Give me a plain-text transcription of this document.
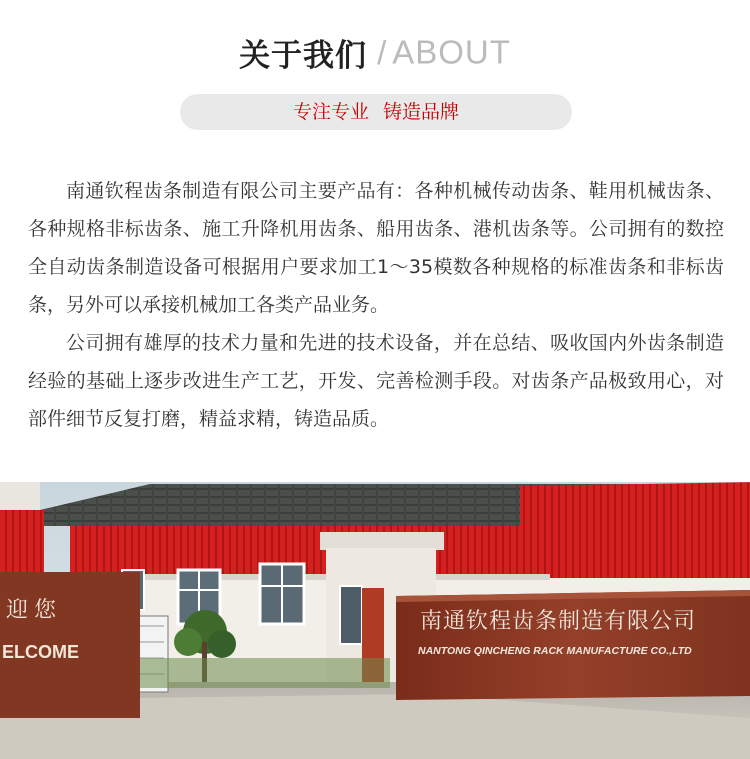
关于我们 / ABOUT
专注专业 铸造品牌

南通钦程齿条制造有限公司主要产品有：各种机械传动齿条、鞋用机械齿条、各种规格非标齿条、施工升降机用齿条、船用齿条、港机齿条等。公司拥有的数控全自动齿条制造设备可根据用户要求加工1～35模数各种规格的标准齿条和非标齿条，另外可以承接机械加工各类产品业务。

公司拥有雄厚的技术力量和先进的技术设备，并在总结、吸收国内外齿条制造经验的基础上逐步改进生产工艺，开发、完善检测手段。对齿条产品极致用心，对部件细节反复打磨，精益求精，铸造品质。

迎您
ELCOME
南通钦程齿条制造有限公司
NANTONG QINCHENG RACK MANUFACTURE CO.,LTD
